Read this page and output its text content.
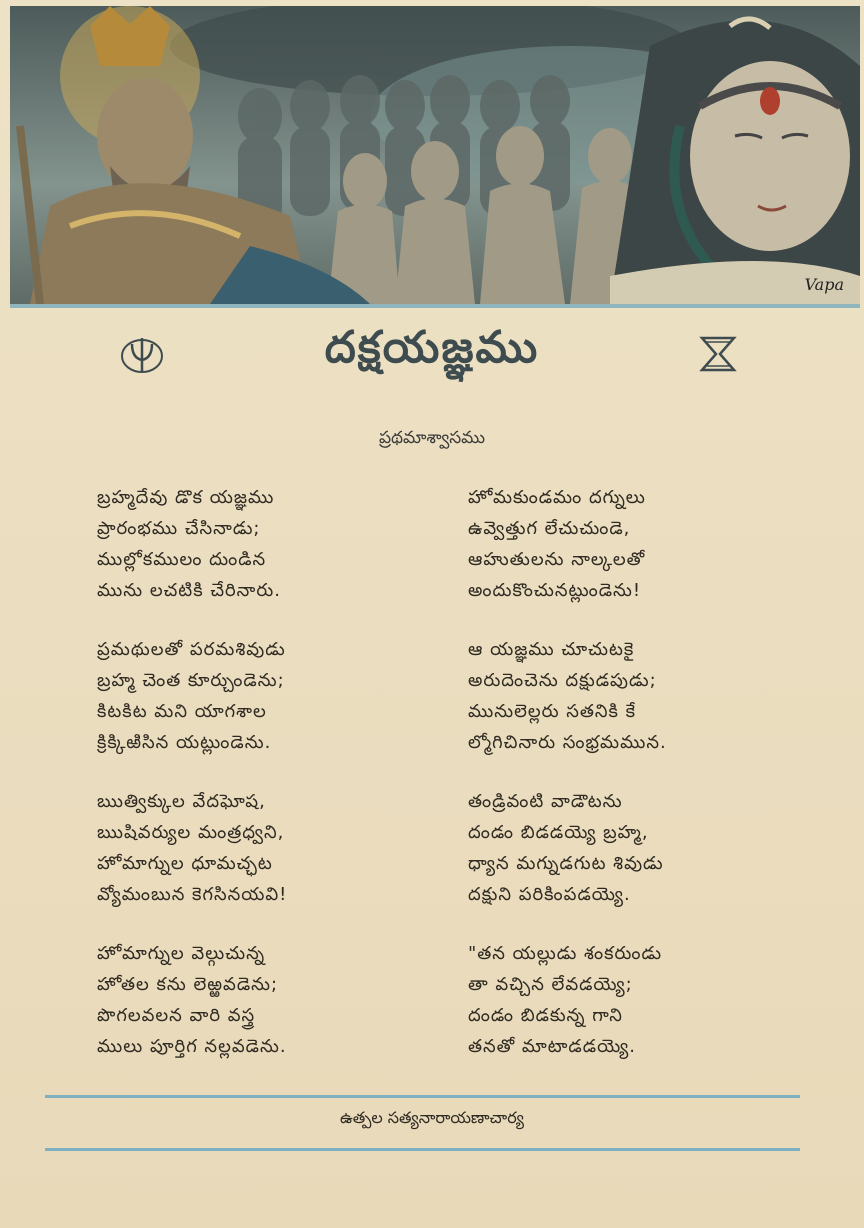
Vapa
దక్షయజ్ఞము
ప్రథమాశ్వాసము
బ్రహ్మదేవు డొక యజ్ఞము
ప్రారంభము చేసినాడు;
ముల్లోకములం దుండిన
మును లచటికి చేరినారు.
ప్రమథులతో పరమశివుడు
బ్రహ్మ చెంత కూర్చుండెను;
కిటకిట మని యాగశాల
క్రిక్కిఱిసిన యట్లుండెను.
ఋత్విక్కుల వేదఘోష,
ఋషివర్యుల మంత్రధ్వని,
హోమాగ్నుల ధూమచ్ఛట
వ్యోమంబున కెగసినయవి!
హోమాగ్నుల వెల్గుచున్న
హోతల కను లెఱ్ఱవడెను;
పొగలవలన వారి వస్త్ర
ములు పూర్తిగ నల్లవడెను.
హోమకుండమం దగ్నులు
ఉవ్వెత్తుగ లేచుచుండె,
ఆహుతులను నాల్కలతో
అందుకొంచునట్లుండెను!
ఆ యజ్ఞము చూచుటకై
అరుదెంచెను దక్షుడపుడు;
మునులెల్లరు సతనికి కే
ల్మోగిచినారు సంభ్రమమున.
తండ్రివంటి వాడౌటను
దండం బిడడయ్యె బ్రహ్మ,
ధ్యాన మగ్నుడగుట శివుడు
దక్షుని పరికింపడయ్యె.
"తన యల్లుడు శంకరుండు
తా వచ్చిన లేవడయ్యె;
దండం బిడకున్న గాని
తనతో మాటాడడయ్యె.
ఉత్పల సత్యనారాయణాచార్య
